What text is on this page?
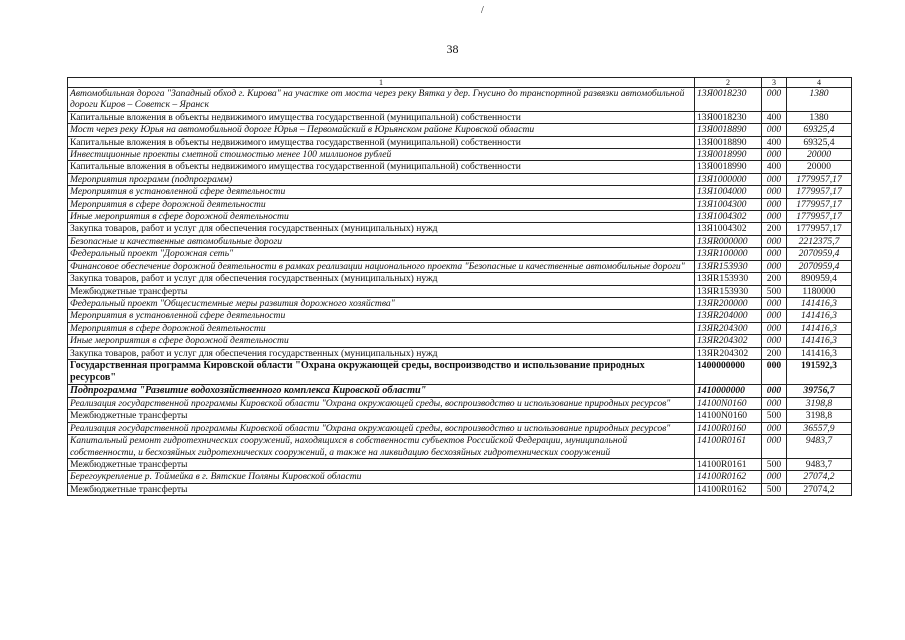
/
38
1	2	3	4
Автомобильная дорога "Западный обход г. Кирова" на участке от моста через реку Вятка у дер. Гнусино до транспортной развязки автомобильной дороги Киров – Советск – Яранск	13Я0018230	000	1380
Капитальные вложения в объекты недвижимого имущества государственной (муниципальной) собственности	13Я0018230	400	1380
Мост через реку Юрья на автомобильной дороге Юрья – Первомайский в Юрьянском районе Кировской области	13Я0018890	000	69325,4
Капитальные вложения в объекты недвижимого имущества государственной (муниципальной) собственности	13Я0018890	400	69325,4
Инвестиционные проекты сметной стоимостью менее 100 миллионов рублей	13Я0018990	000	20000
Капитальные вложения в объекты недвижимого имущества государственной (муниципальной) собственности	13Я0018990	400	20000
Мероприятия программ (подпрограмм)	13Я1000000	000	1779957,17
Мероприятия в установленной сфере деятельности	13Я1004000	000	1779957,17
Мероприятия в сфере дорожной деятельности	13Я1004300	000	1779957,17
Иные мероприятия в сфере дорожной деятельности	13Я1004302	000	1779957,17
Закупка товаров, работ и услуг для обеспечения государственных (муниципальных) нужд	13Я1004302	200	1779957,17
Безопасные и качественные автомобильные дороги	13ЯR000000	000	2212375,7
Федеральный проект "Дорожная сеть"	13ЯR100000	000	2070959,4
Финансовое обеспечение дорожной деятельности в рамках реализации национального проекта "Безопасные и качественные автомобильные дороги"	13ЯR153930	000	2070959,4
Закупка товаров, работ и услуг для обеспечения государственных (муниципальных) нужд	13ЯR153930	200	890959,4
Межбюджетные трансферты	13ЯR153930	500	1180000
Федеральный проект "Общесистемные меры развития дорожного хозяйства"	13ЯR200000	000	141416,3
Мероприятия в установленной сфере деятельности	13ЯR204000	000	141416,3
Мероприятия в сфере дорожной деятельности	13ЯR204300	000	141416,3
Иные мероприятия в сфере дорожной деятельности	13ЯR204302	000	141416,3
Закупка товаров, работ и услуг для обеспечения государственных (муниципальных) нужд	13ЯR204302	200	141416,3
Государственная программа Кировской области "Охрана окружающей среды, воспроизводство и использование природных ресурсов"	1400000000	000	191592,3
Подпрограмма "Развитие водохозяйственного комплекса Кировской области"	1410000000	000	39756,7
Реализация государственной программы Кировской области "Охрана окружающей среды, воспроизводство и использование природных ресурсов"	14100N0160	000	3198,8
Межбюджетные трансферты	14100N0160	500	3198,8
Реализация государственной программы Кировской области "Охрана окружающей среды, воспроизводство и использование природных ресурсов"	14100R0160	000	36557,9
Капитальный ремонт гидротехнических сооружений, находящихся в собственности субъектов Российской Федерации, муниципальной собственности, и бесхозяйных гидротехнических сооружений, а также на ликвидацию бесхозяйных гидротехнических сооружений	14100R0161	000	9483,7
Межбюджетные трансферты	14100R0161	500	9483,7
Берегоукрепление р. Тоймейка в г. Вятские Поляны Кировской области	14100R0162	000	27074,2
Межбюджетные трансферты	14100R0162	500	27074,2
